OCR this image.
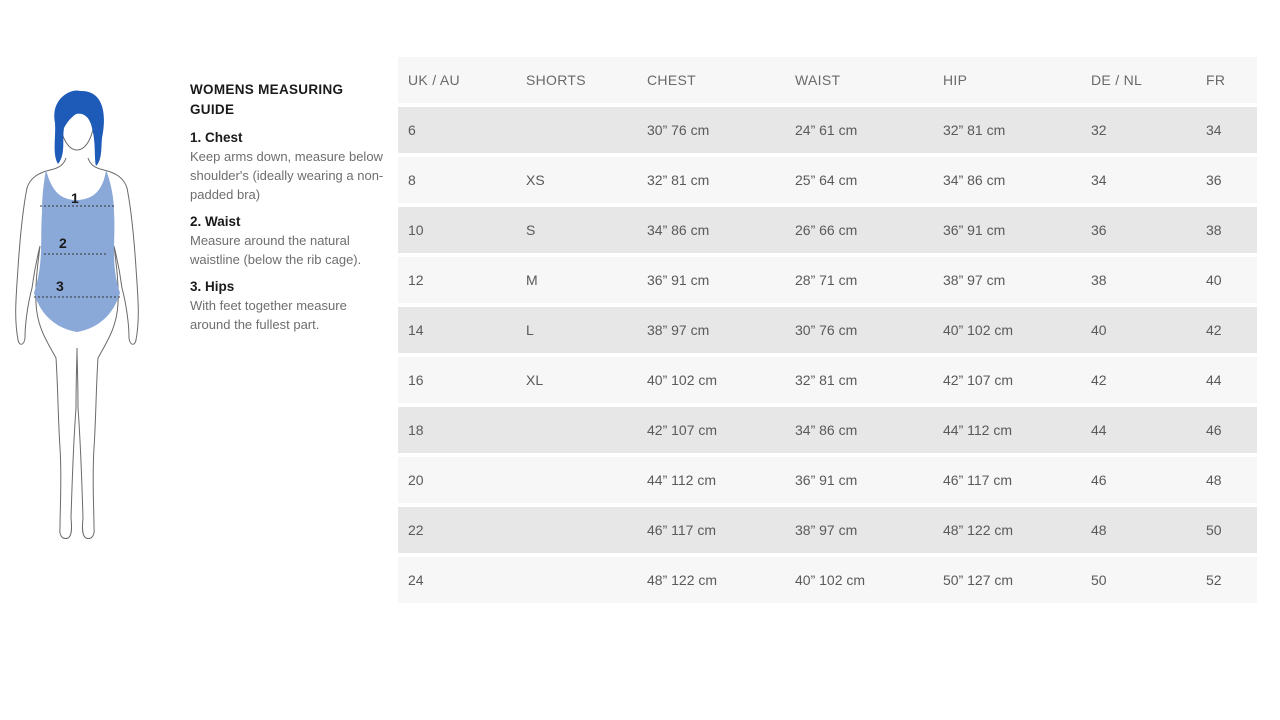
1
2
3
WOMENS MEASURING GUIDE
1. Chest
Keep arms down, measure below shoulder's (ideally wearing a non-padded bra)
2. Waist
Measure around the natural waistline (below the rib cage).
3. Hips
With feet together measure around the fullest part.
UK / AU	SHORTS	CHEST	WAIST	HIP	DE / NL	FR
6		30” 76 cm	24” 61 cm	32” 81 cm	32	34
8	XS	32” 81 cm	25” 64 cm	34” 86 cm	34	36
10	S	34” 86 cm	26” 66 cm	36” 91 cm	36	38
12	M	36” 91 cm	28” 71 cm	38” 97 cm	38	40
14	L	38” 97 cm	30” 76 cm	40” 102 cm	40	42
16	XL	40” 102 cm	32” 81 cm	42” 107 cm	42	44
18		42” 107 cm	34” 86 cm	44” 112 cm	44	46
20		44” 112 cm	36” 91 cm	46” 117 cm	46	48
22		46” 117 cm	38” 97 cm	48” 122 cm	48	50
24		48” 122 cm	40” 102 cm	50” 127 cm	50	52
